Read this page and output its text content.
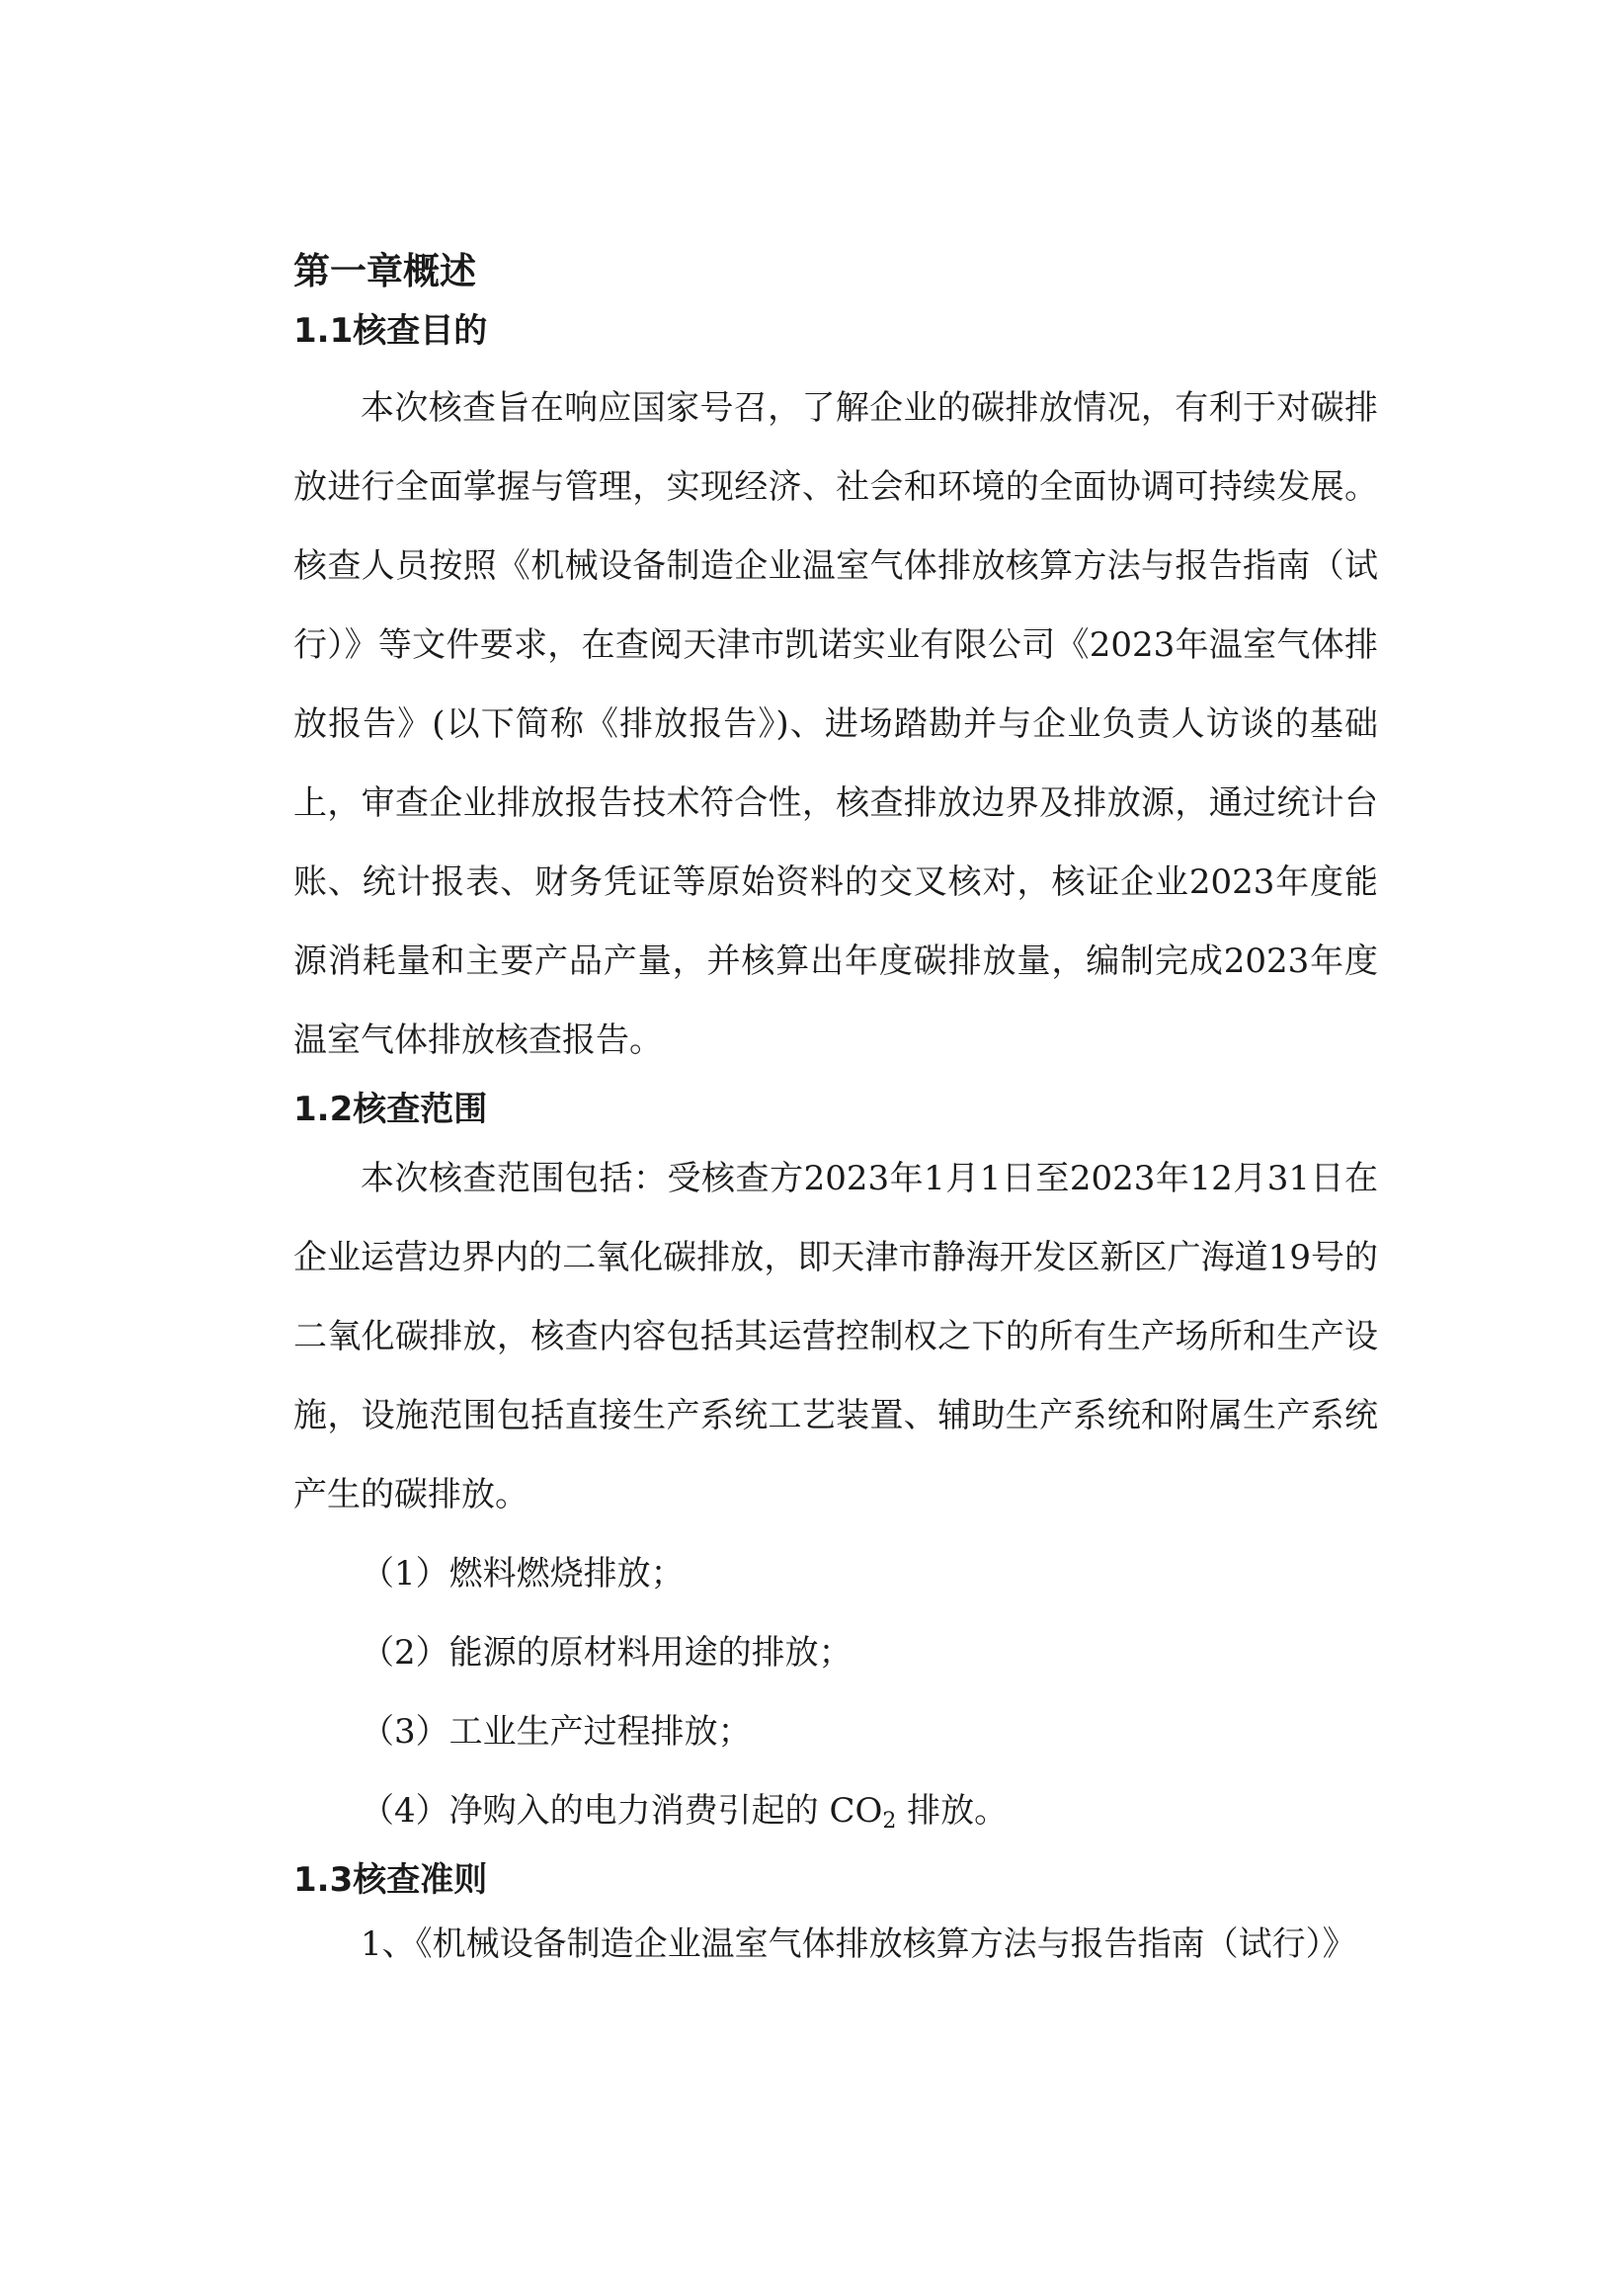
第一章概述
1.1核查目的

本次核查旨在响应国家号召，了解企业的碳排放情况，有利于对碳排放进行全面掌握与管理，实现经济、社会和环境的全面协调可持续发展。核查人员按照《机械设备制造企业温室气体排放核算方法与报告指南（试行）》等文件要求，在查阅天津市凯诺实业有限公司《2023年温室气体排放报告》(以下简称《排放报告》)、进场踏勘并与企业负责人访谈的基础上，审查企业排放报告技术符合性，核查排放边界及排放源，通过统计台账、统计报表、财务凭证等原始资料的交叉核对，核证企业2023年度能源消耗量和主要产品产量，并核算出年度碳排放量，编制完成2023年度温室气体排放核查报告。

1.2核查范围

本次核查范围包括：受核查方2023年1月1日至2023年12月31日在企业运营边界内的二氧化碳排放，即天津市静海开发区新区广海道19号的二氧化碳排放，核查内容包括其运营控制权之下的所有生产场所和生产设施，设施范围包括直接生产系统工艺装置、辅助生产系统和附属生产系统产生的碳排放。

（1）燃料燃烧排放；
（2）能源的原材料用途的排放；
（3）工业生产过程排放；
（4）净购入的电力消费引起的 $CO_2$ 排放。
1.3核查准则
1、《机械设备制造企业温室气体排放核算方法与报告指南（试行）》
